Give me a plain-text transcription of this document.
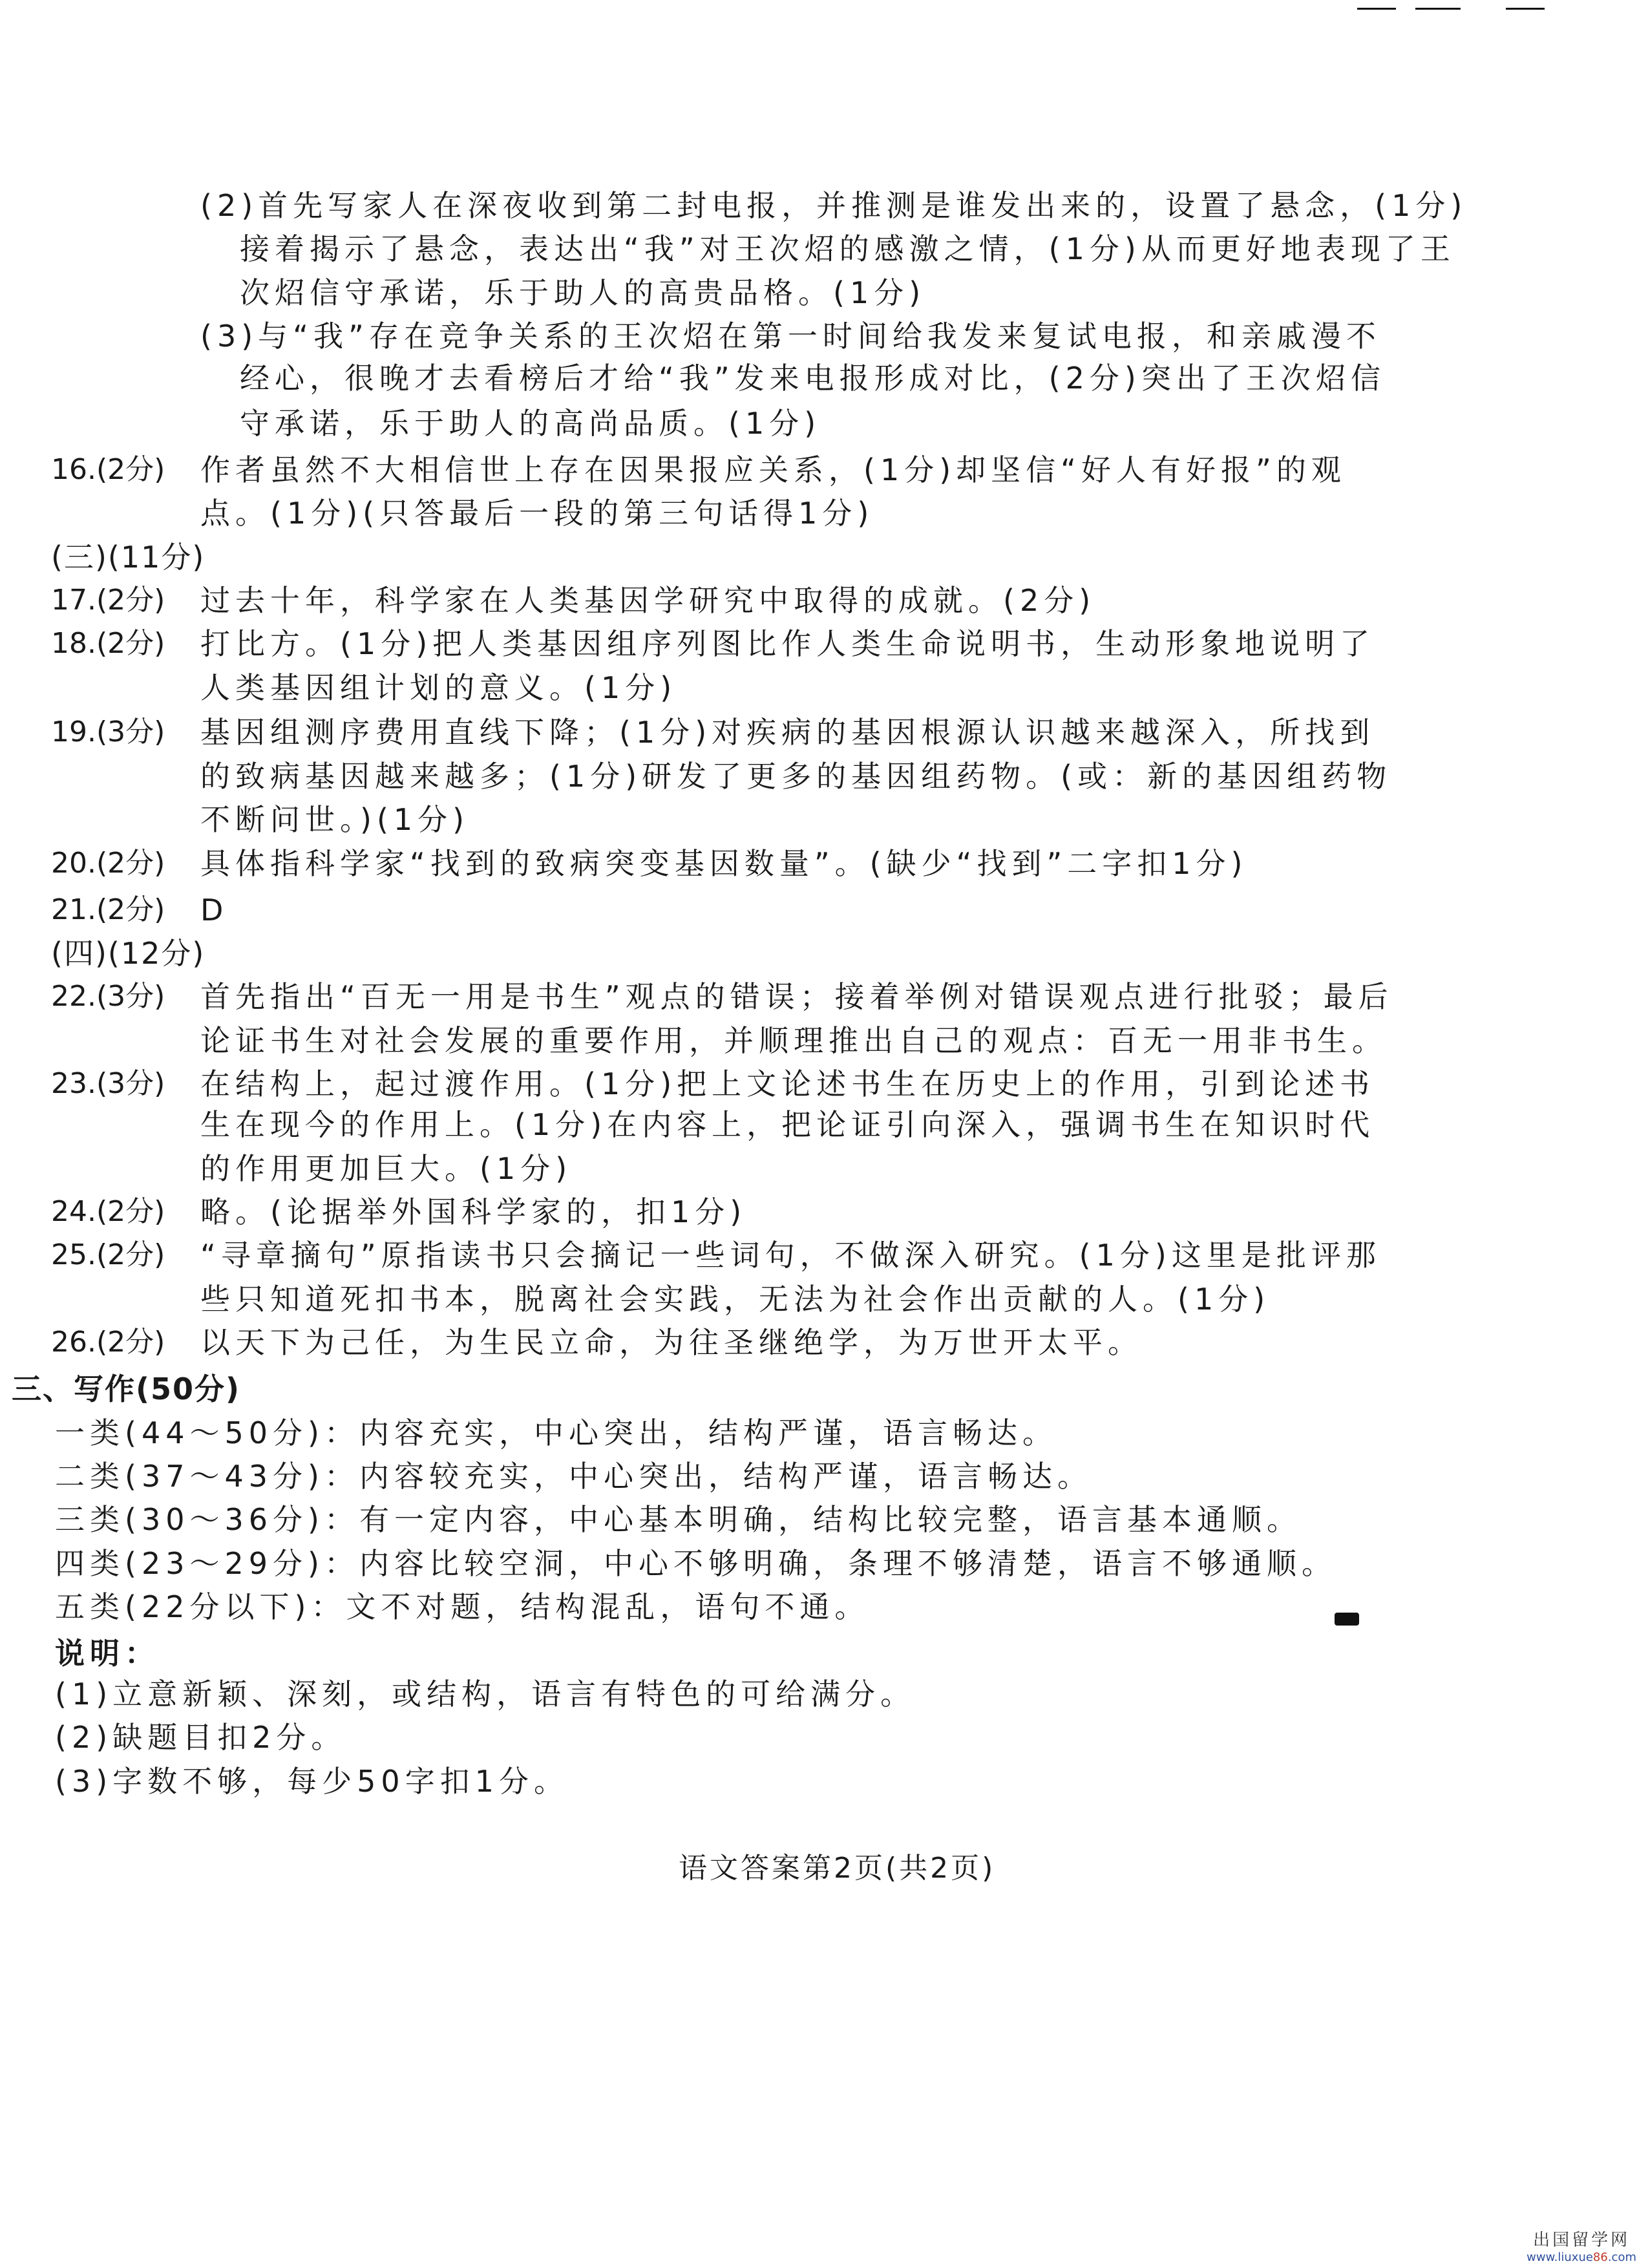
(2)首先写家人在深夜收到第二封电报，并推测是谁发出来的，设置了悬念，(1分)
接着揭示了悬念，表达出“我”对王次炤的感激之情，(1分)从而更好地表现了王
次炤信守承诺，乐于助人的高贵品格。(1分)
(3)与“我”存在竞争关系的王次炤在第一时间给我发来复试电报，和亲戚漫不
经心，很晚才去看榜后才给“我”发来电报形成对比，(2分)突出了王次炤信
守承诺，乐于助人的高尚品质。(1分)
16.(2分) 作者虽然不大相信世上存在因果报应关系，(1分)却坚信“好人有好报”的观
点。(1分)(只答最后一段的第三句话得1分)
(三)(11分)
17.(2分) 过去十年，科学家在人类基因学研究中取得的成就。(2分)
18.(2分) 打比方。(1分)把人类基因组序列图比作人类生命说明书，生动形象地说明了
人类基因组计划的意义。(1分)
19.(3分) 基因组测序费用直线下降；(1分)对疾病的基因根源认识越来越深入，所找到
的致病基因越来越多；(1分)研发了更多的基因组药物。(或：新的基因组药物
不断问世。)(1分)
20.(2分) 具体指科学家“找到的致病突变基因数量”。(缺少“找到”二字扣1分)
21.(2分) D
(四)(12分)
22.(3分) 首先指出“百无一用是书生”观点的错误；接着举例对错误观点进行批驳；最后
论证书生对社会发展的重要作用，并顺理推出自己的观点：百无一用非书生。
23.(3分) 在结构上，起过渡作用。(1分)把上文论述书生在历史上的作用，引到论述书
生在现今的作用上。(1分)在内容上，把论证引向深入，强调书生在知识时代
的作用更加巨大。(1分)
24.(2分) 略。(论据举外国科学家的，扣1分)
25.(2分) “寻章摘句”原指读书只会摘记一些词句，不做深入研究。(1分)这里是批评那
些只知道死扣书本，脱离社会实践，无法为社会作出贡献的人。(1分)
26.(2分) 以天下为己任，为生民立命，为往圣继绝学，为万世开太平。
三、写作(50分)
一类(44～50分)：内容充实，中心突出，结构严谨，语言畅达。
二类(37～43分)：内容较充实，中心突出，结构严谨，语言畅达。
三类(30～36分)：有一定内容，中心基本明确，结构比较完整，语言基本通顺。
四类(23～29分)：内容比较空洞，中心不够明确，条理不够清楚，语言不够通顺。
五类(22分以下)：文不对题，结构混乱，语句不通。
说明：
(1)立意新颖、深刻，或结构，语言有特色的可给满分。
(2)缺题目扣2分。
(3)字数不够，每少50字扣1分。
语文答案第2页(共2页)
出国留学网
www.liuxue86.com
